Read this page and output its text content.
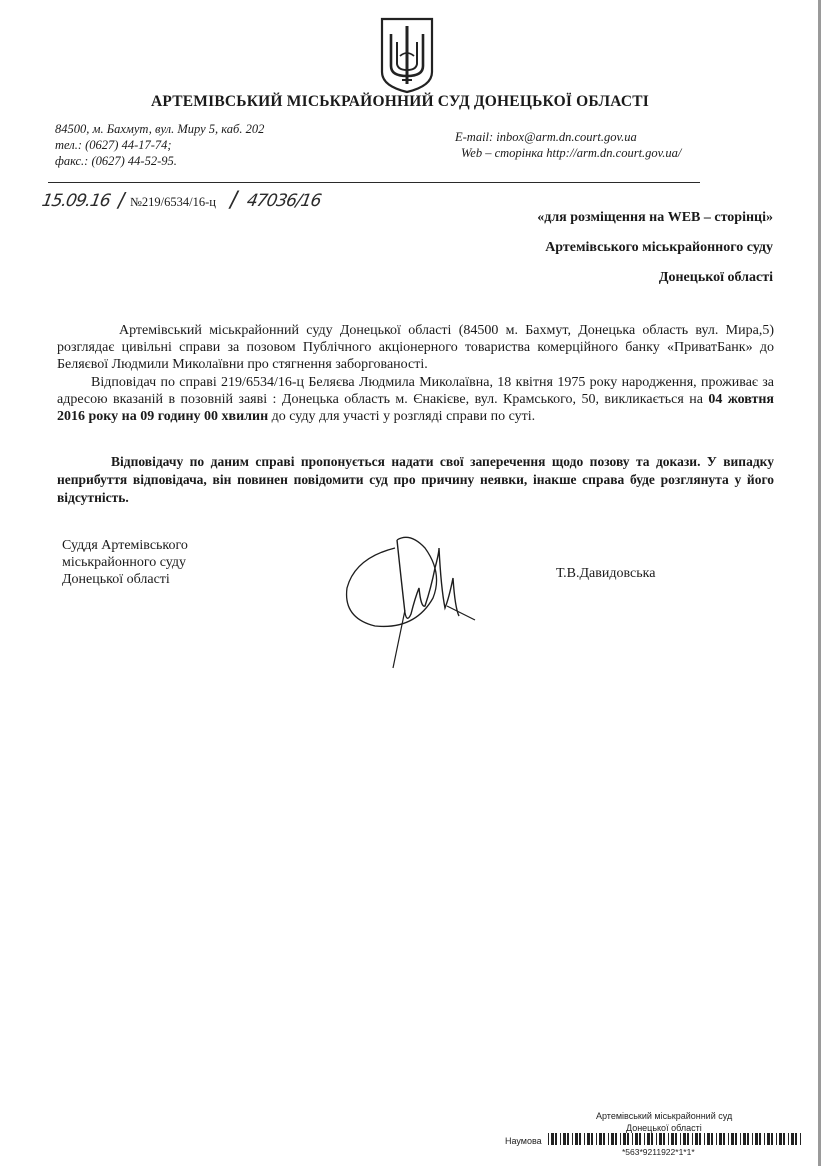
АРТЕМІВСЬКИЙ МІСЬКРАЙОННИЙ СУД ДОНЕЦЬКОЇ ОБЛАСТІ
84500, м. Бахмут, вул. Миру 5, каб. 202
тел.: (0627) 44-17-74;
факс.: (0627) 44-52-95.
E-mail: inbox@arm.dn.court.gov.ua
Web – сторінка http://arm.dn.court.gov.ua/
15.09.16 / №219/6534/16-ц / 47036/16
«для розміщення на WEB – сторінці»
Артемівського міськрайонного суду
Донецької області
Артемівський міськрайонний суду Донецької області (84500 м. Бахмут, Донецька область вул. Мира,5) розглядає цивільні справи за позовом Публічного акціонерного товариства комерційного банку «ПриватБанк» до Беляєвої Людмили Миколаївни про стягнення заборгованості.
Відповідач по справі 219/6534/16-ц Беляєва Людмила Миколаївна, 18 квітня 1975 року народження, проживає за адресою вказаній в позовній заяві : Донецька область м. Єнакієве, вул. Крамського, 50, викликається на 04 жовтня 2016 року на 09 годину 00 хвилин до суду для участі у розгляді справи по суті.
Відповідачу по даним справі пропонується надати свої заперечення щодо позову та докази. У випадку неприбуття відповідача, він повинен повідомити суд про причину неявки, інакше справа буде розглянута у його відсутність.
Суддя Артемівського
міськрайонного суду
Донецької області	Т.В.Давидовська
Артемівський міськрайонний суд
Донецької області
Наумова
*563*9211922*1*1*
